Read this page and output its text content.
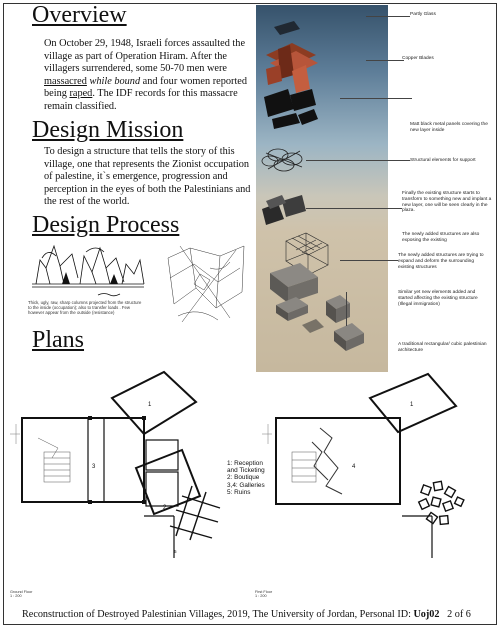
Overview

On October 29, 1948, Israeli forces assaulted the village as part of Operation Hiram. After the villagers surrendered, some 50-70 men were massacred while bound and four women reported being raped. The IDF records for this massacre remain classified.

Design Mission

To design a structure that tells the story of this village, one that represents the Zionist occupation of palestine, it`s emergence, progression and perception in the eyes of both the Palestinians and the rest of the world.

Design Process
Thick, ugly, raw, sharp columns projected from the structure to the inside (occupation); also to transfer loads . Few however appear from the outside (resistance)
Partly Glass
Copper Blades
Matt black metal panels covering the new layer inside
Structural elements for support
Finally the existing structure starts to transform to something new and implant a new layer, one will be seen clearly in the plaza.
The newly added structures are also exposing the existing
The newly added structures are trying to expand and deform the surrounding existing structures
Similar yet new elements added and started affecting the existing structure (Illegal immigration)
A traditional rectangular/ cubic palestinian architecture
Plans
1
3
2
5
1: Reception
and Ticketing
2: Boutique
3,4: Galleries
5: Ruins
1
4
Ground Floor
1 : 200
First Floor
1 : 200
Reconstruction of Destroyed Palestinian Villages, 2019, The University of Jordan, Personal ID: Uoj02 2 of 6
